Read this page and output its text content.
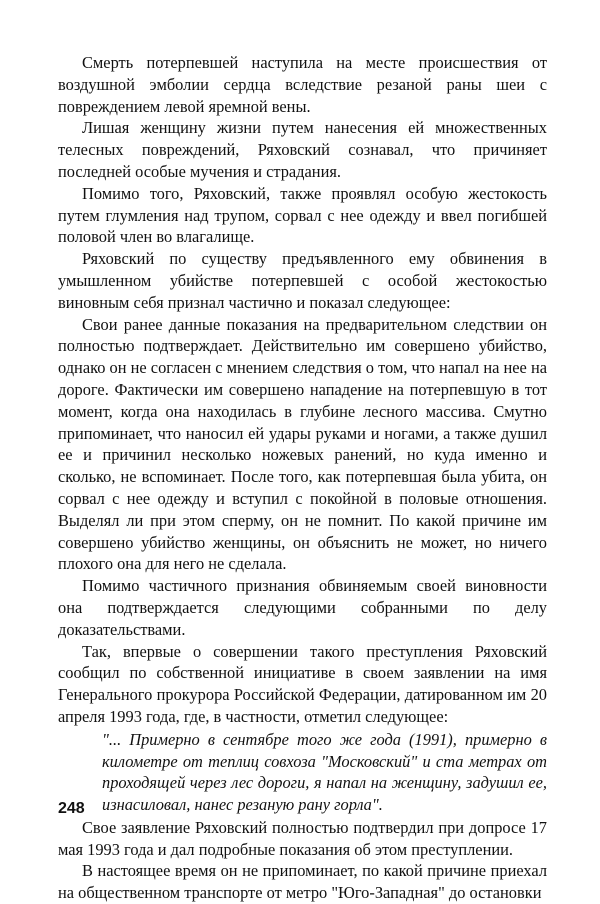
Смерть потерпевшей наступила на месте происшествия от воздушной эмболии сердца вследствие резаной раны шеи с повреждением левой яремной вены.

Лишая женщину жизни путем нанесения ей множественных телесных повреждений, Ряховский сознавал, что причиняет последней особые мучения и страдания.

Помимо того, Ряховский, также проявлял особую жестокость путем глумления над трупом, сорвал с нее одежду и ввел погибшей половой член во влагалище.

Ряховский по существу предъявленного ему обвинения в умышленном убийстве потерпевшей с особой жестокостью виновным себя признал частично и показал следующее:

Свои ранее данные показания на предварительном следствии он полностью подтверждает. Действительно им совершено убийство, однако он не согласен с мнением следствия о том, что напал на нее на дороге. Фактически им совершено нападение на потерпевшую в тот момент, когда она находилась в глубине лесного массива. Смутно припоминает, что наносил ей удары руками и ногами, а также душил ее и причинил несколько ножевых ранений, но куда именно и сколько, не вспоминает. После того, как потерпевшая была убита, он сорвал с нее одежду и вступил с покойной в половые отношения. Выделял ли при этом сперму, он не помнит. По какой причине им совершено убийство женщины, он объяснить не может, но ничего плохого она для него не сделала.

Помимо частичного признания обвиняемым своей виновности она подтверждается следующими собранными по делу доказательствами.

Так, впервые о совершении такого преступления Ряховский сообщил по собственной инициативе в своем заявлении на имя Генерального прокурора Российской Федерации, датированном им 20 апреля 1993 года, где, в частности, отметил следующее:

"... Примерно в сентябре того же года (1991), примерно в километре от теплиц совхоза "Московский" и ста метрах от проходящей через лес дороги, я напал на женщину, задушил ее, изнасиловал, нанес резаную рану горла".

Свое заявление Ряховский полностью подтвердил при допросе 17 мая 1993 года и дал подробные показания об этом преступлении.

В настоящее время он не припоминает, по какой причине приехал на общественном транспорте от метро "Юго-Западная" до остановки

248
